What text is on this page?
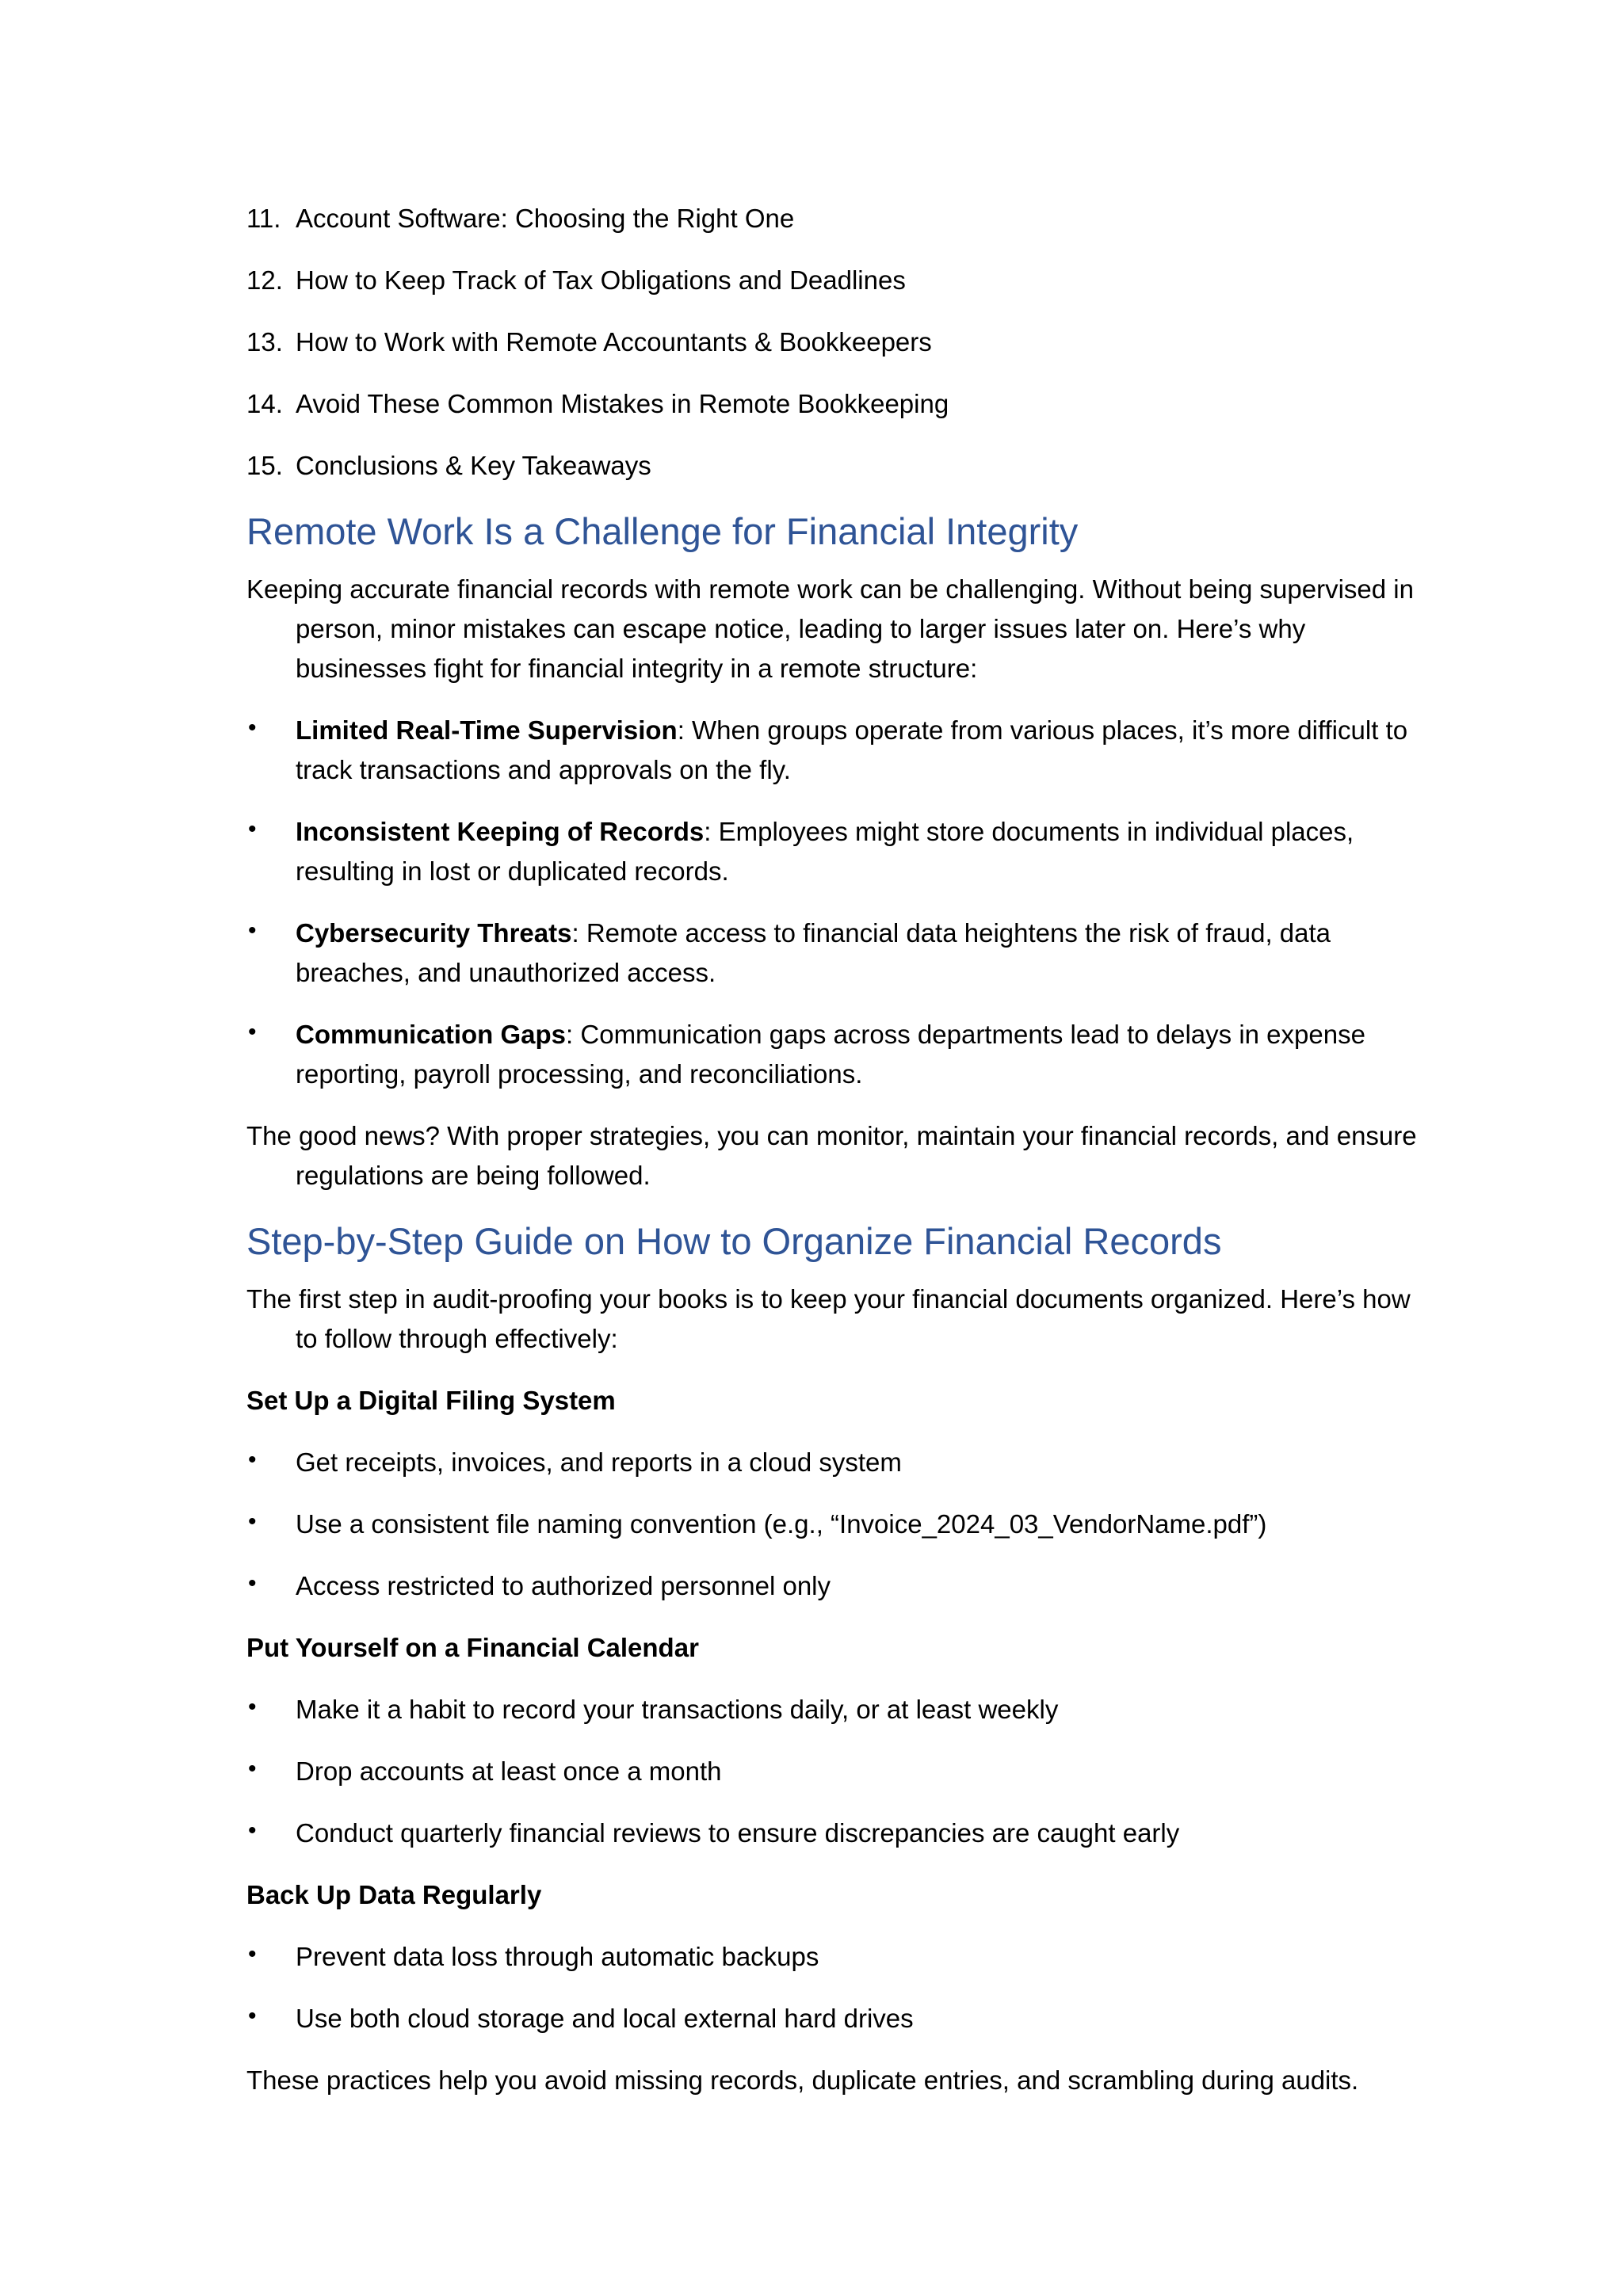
11. Account Software: Choosing the Right One
12. How to Keep Track of Tax Obligations and Deadlines
13. How to Work with Remote Accountants & Bookkeepers
14. Avoid These Common Mistakes in Remote Bookkeeping
15. Conclusions & Key Takeaways
Remote Work Is a Challenge for Financial Integrity

Keeping accurate financial records with remote work can be challenging. Without being supervised in person, minor mistakes can escape notice, leading to larger issues later on. Here’s why businesses fight for financial integrity in a remote structure:

• Limited Real-Time Supervision: When groups operate from various places, it’s more difficult to track transactions and approvals on the fly.
• Inconsistent Keeping of Records: Employees might store documents in individual places, resulting in lost or duplicated records.
• Cybersecurity Threats: Remote access to financial data heightens the risk of fraud, data breaches, and unauthorized access.
• Communication Gaps: Communication gaps across departments lead to delays in expense reporting, payroll processing, and reconciliations.

The good news? With proper strategies, you can monitor, maintain your financial records, and ensure regulations are being followed.

Step-by-Step Guide on How to Organize Financial Records

The first step in audit-proofing your books is to keep your financial documents organized. Here’s how to follow through effectively:

Set Up a Digital Filing System
• Get receipts, invoices, and reports in a cloud system
• Use a consistent file naming convention (e.g., “Invoice_2024_03_VendorName.pdf”)
• Access restricted to authorized personnel only
Put Yourself on a Financial Calendar
• Make it a habit to record your transactions daily, or at least weekly
• Drop accounts at least once a month
• Conduct quarterly financial reviews to ensure discrepancies are caught early
Back Up Data Regularly
• Prevent data loss through automatic backups
• Use both cloud storage and local external hard drives

These practices help you avoid missing records, duplicate entries, and scrambling during audits.
